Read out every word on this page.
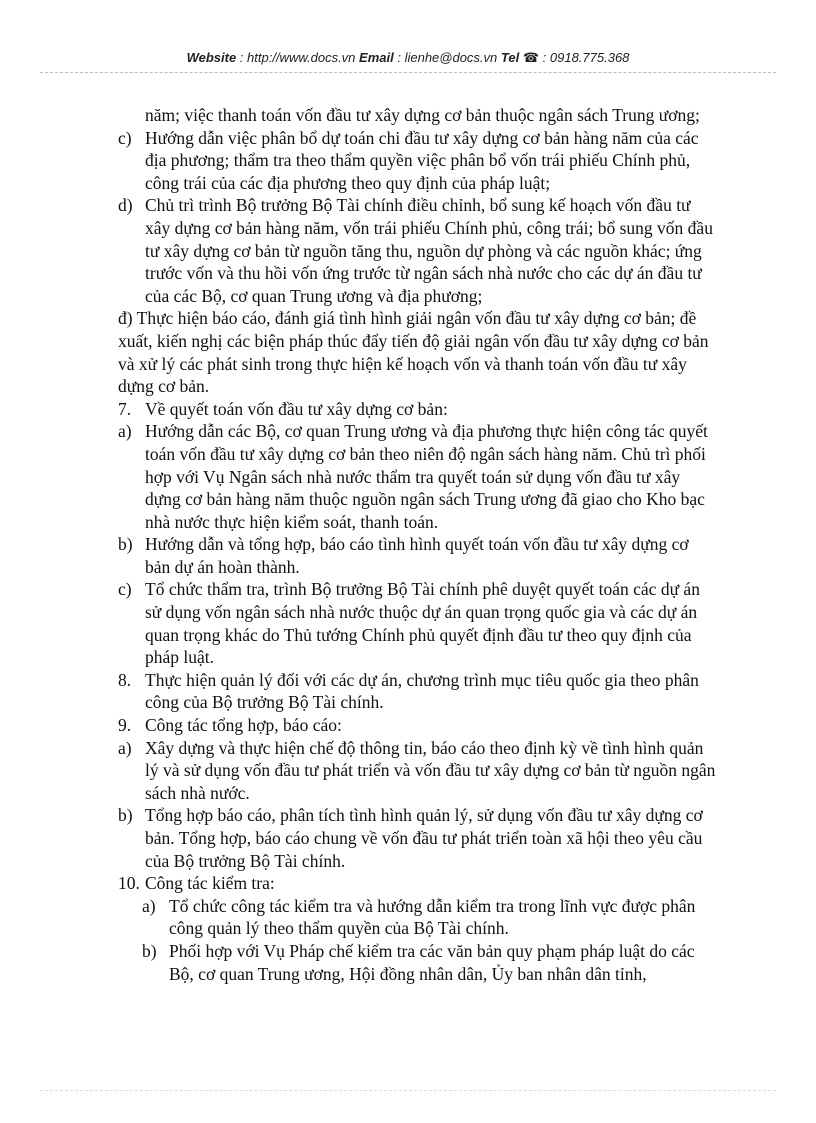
Website : http://www.docs.vn Email : lienhe@docs.vn Tel ☎ : 0918.775.368
năm; việc thanh toán vốn đầu tư xây dựng cơ bản thuộc ngân sách Trung ương;
c) Hướng dẫn việc phân bổ dự toán chi đầu tư xây dựng cơ bản hàng năm của các địa phương; thẩm tra theo thẩm quyền việc phân bổ vốn trái phiếu Chính phủ, công trái của các địa phương theo quy định của pháp luật;
d) Chủ trì trình Bộ trưởng Bộ Tài chính điều chỉnh, bổ sung kế hoạch vốn đầu tư xây dựng cơ bản hàng năm, vốn trái phiếu Chính phủ, công trái; bổ sung vốn đầu tư xây dựng cơ bản từ nguồn tăng thu, nguồn dự phòng và các nguồn khác; ứng trước vốn và thu hồi vốn ứng trước từ ngân sách nhà nước cho các dự án đầu tư của các Bộ, cơ quan Trung ương và địa phương;
đ) Thực hiện báo cáo, đánh giá tình hình giải ngân vốn đầu tư xây dựng cơ bản; đề xuất, kiến nghị các biện pháp thúc đẩy tiến độ giải ngân vốn đầu tư xây dựng cơ bản và xử lý các phát sinh trong thực hiện kế hoạch vốn và thanh toán vốn đầu tư xây dựng cơ bản.
7. Về quyết toán vốn đầu tư xây dựng cơ bản:
a) Hướng dẫn các Bộ, cơ quan Trung ương và địa phương thực hiện công tác quyết toán vốn đầu tư xây dựng cơ bản theo niên độ ngân sách hàng năm. Chủ trì phối hợp với Vụ Ngân sách nhà nước thẩm tra quyết toán sử dụng vốn đầu tư xây dựng cơ bản hàng năm thuộc nguồn ngân sách Trung ương đã giao cho Kho bạc nhà nước thực hiện kiểm soát, thanh toán.
b) Hướng dẫn và tổng hợp, báo cáo tình hình quyết toán vốn đầu tư xây dựng cơ bản dự án hoàn thành.
c) Tổ chức thẩm tra, trình Bộ trưởng Bộ Tài chính phê duyệt quyết toán các dự án sử dụng vốn ngân sách nhà nước thuộc dự án quan trọng quốc gia và các dự án quan trọng khác do Thủ tướng Chính phủ quyết định đầu tư theo quy định của pháp luật.
8. Thực hiện quản lý đối với các dự án, chương trình mục tiêu quốc gia theo phân công của Bộ trưởng Bộ Tài chính.
9. Công tác tổng hợp, báo cáo:
a) Xây dựng và thực hiện chế độ thông tin, báo cáo theo định kỳ về tình hình quản lý và sử dụng vốn đầu tư phát triển và vốn đầu tư xây dựng cơ bản từ nguồn ngân sách nhà nước.
b) Tổng hợp báo cáo, phân tích tình hình quản lý, sử dụng vốn đầu tư xây dựng cơ bản. Tổng hợp, báo cáo chung về vốn đầu tư phát triển toàn xã hội theo yêu cầu của Bộ trưởng Bộ Tài chính.
10. Công tác kiểm tra:
a) Tổ chức công tác kiểm tra và hướng dẫn kiểm tra trong lĩnh vực được phân công quản lý theo thẩm quyền của Bộ Tài chính.
b) Phối hợp với Vụ Pháp chế kiểm tra các văn bản quy phạm pháp luật do các Bộ, cơ quan Trung ương, Hội đồng nhân dân, Ủy ban nhân dân tỉnh,
